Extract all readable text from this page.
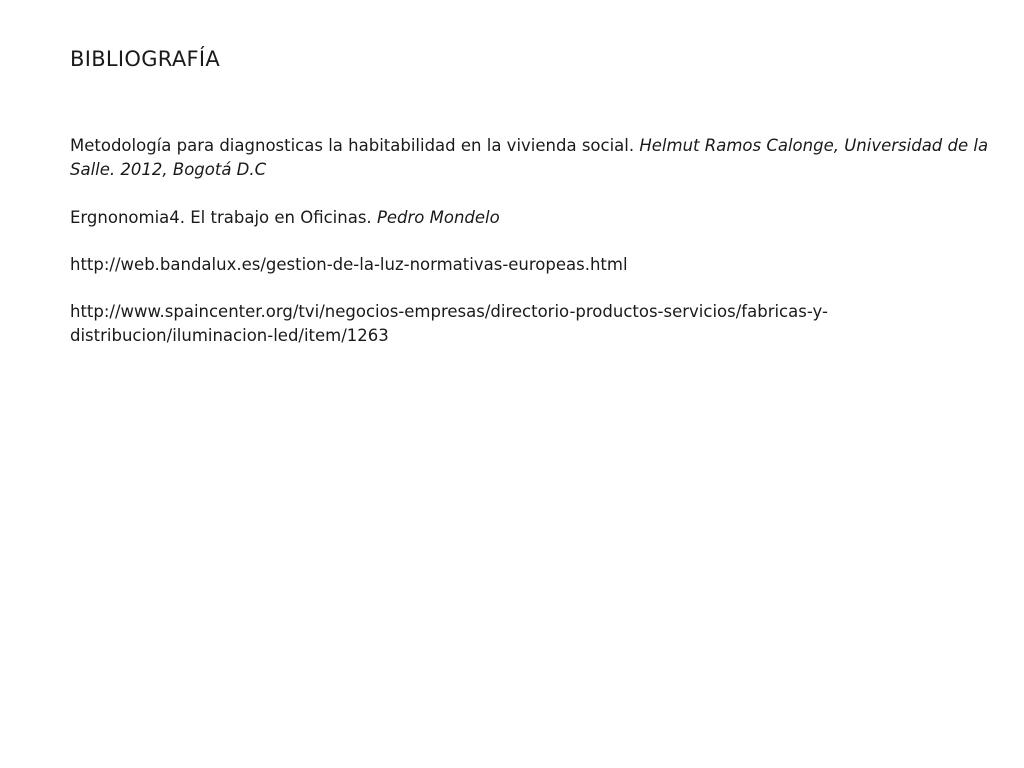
BIBLIOGRAFÍA

Metodología para diagnosticas la habitabilidad en la vivienda social. Helmut Ramos Calonge, Universidad de la Salle. 2012, Bogotá D.C

Ergnonomia4. El trabajo en Oficinas. Pedro Mondelo

http://web.bandalux.es/gestion-de-la-luz-normativas-europeas.html

http://www.spaincenter.org/tvi/negocios-empresas/directorio-productos-servicios/fabricas-y-
distribucion/iluminacion-led/item/1263
